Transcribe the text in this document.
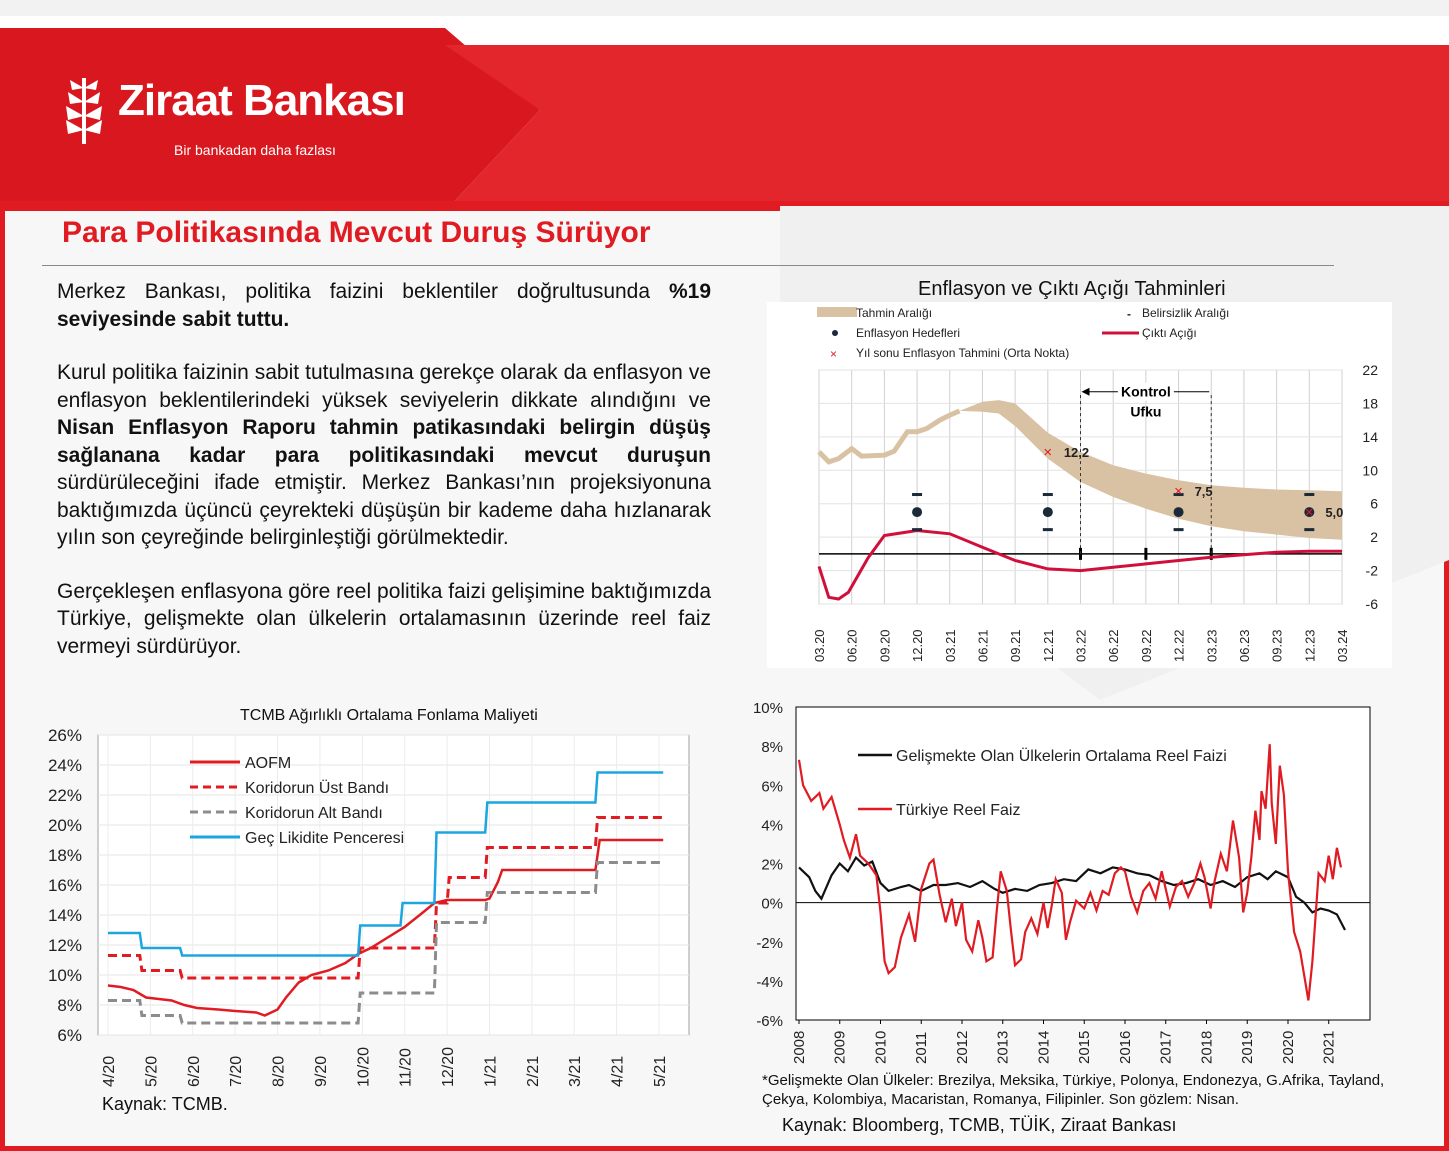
Ziraat Bankası
Bir bankadan daha fazlası
Para Politikasında Mevcut Duruş Sürüyor

Merkez Bankası, politika faizini beklentiler doğrultusunda %19 seviyesinde sabit tuttu.

Kurul politika faizinin sabit tutulmasına gerekçe olarak da enflasyon ve enflasyon beklentilerindeki yüksek seviyelerin dikkate alındığını ve Nisan Enflasyon Raporu tahmin patikasındaki belirgin düşüş sağlanana kadar para politikasındaki mevcut duruşun sürdürüleceğini ifade etmiştir. Merkez Bankası’nın projeksiyonuna baktığımızda üçüncü çeyrekteki düşüşün bir kademe daha hızlanarak yılın son çeyreğinde belirginleştiği görülmektedir.

Gerçekleşen enflasyona göre reel politika faizi gelişimine baktığımızda Türkiye, gelişmekte olan ülkelerin ortalamasının üzerinde reel faiz vermeyi sürdürüyor.

Enflasyon ve Çıktı Açığı Tahminleri
Tahmin Aralığı	- Belirsizlik Aralığı
Enflasyon Hedefleri	Çıktı Açığı
× Yıl sonu Enflasyon Tahmini (Orta Nokta)
03.20 06.20 09.20 12.20 03.21 06.21 09.21 12.21 03.22 06.22 09.22 12.22 03.23 06.23 09.23 12.23 03.24
22
18
14
10
6
2
-2
-6
Kontrol
Ufku
× 12,2
× 7,5
× 5,0
TCMB Ağırlıklı Ortalama Fonlama Maliyeti
26%
24%
22%
20%
18%
16%
14%
12%
10%
8%
6%
4/20 5/20 6/20 7/20 8/20 9/20 10/20 11/20 12/20 1/21 2/21 3/21 4/21 5/21
AOFM
Koridorun Üst Bandı
Koridorun Alt Bandı
Geç Likidite Penceresi
Kaynak: TCMB.
10%
8%
6%
4%
2%
0%
-2%
-4%
-6%
2008 2009 2010 2011 2012 2013 2014 2015 2016 2017 2018 2019 2020 2021
Gelişmekte Olan Ülkelerin Ortalama Reel Faizi
Türkiye Reel Faiz
*Gelişmekte Olan Ülkeler: Brezilya, Meksika, Türkiye, Polonya, Endonezya, G.Afrika, Tayland, Çekya, Kolombiya, Macaristan, Romanya, Filipinler. Son gözlem: Nisan.
Kaynak: Bloomberg, TCMB, TÜİK, Ziraat Bankası
